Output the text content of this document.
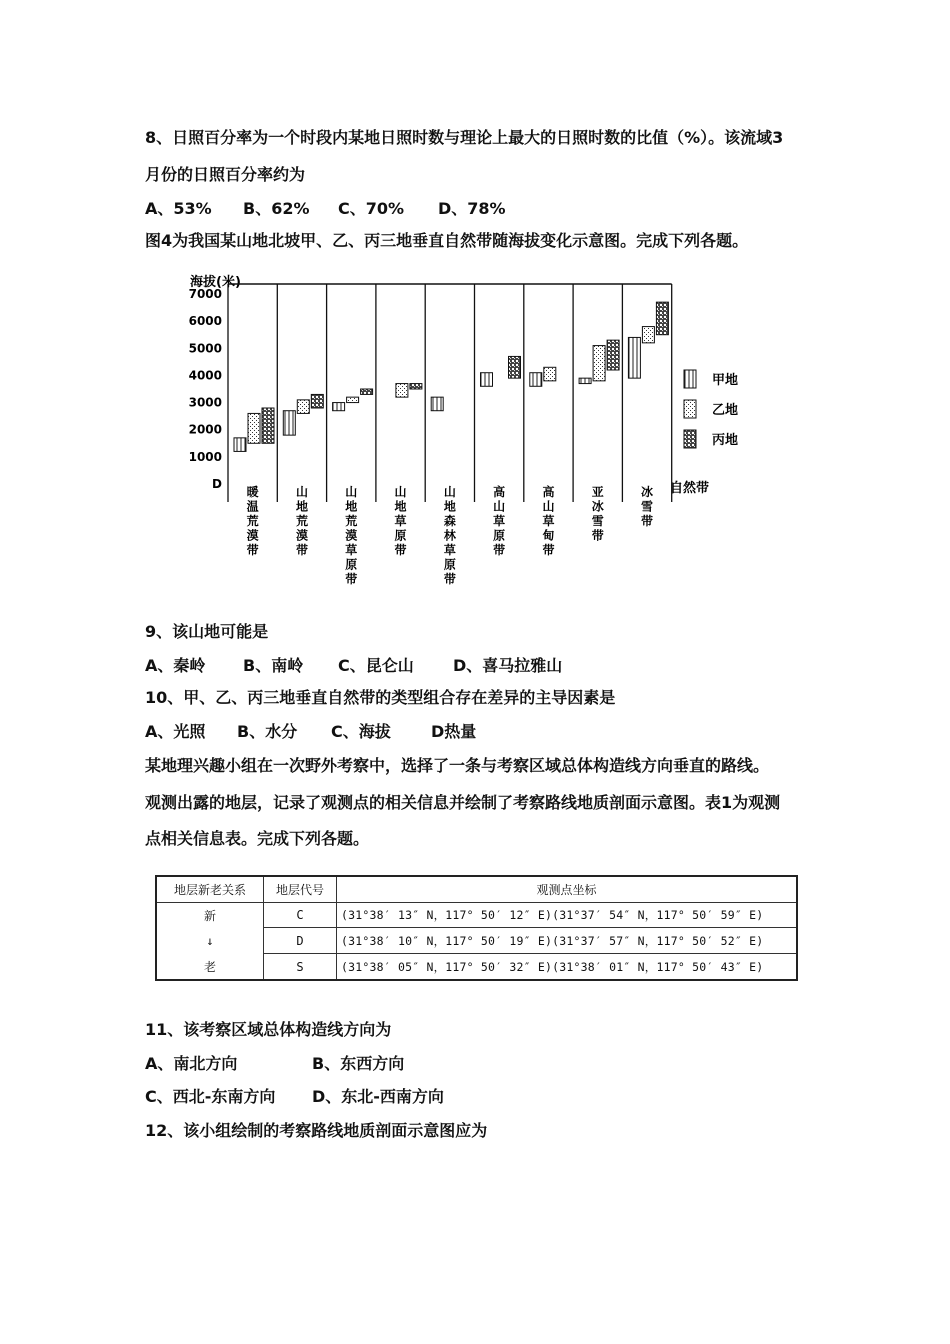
8、日照百分率为一个时段内某地日照时数与理论上最大的日照时数的比值（%）。该流域3
月份的日照百分率约为
A、53% B、62% C、70% D、78%
图4为我国某山地北坡甲、乙、丙三地垂直自然带随海拔变化示意图。完成下列各题。
海拔(米)
7000
6000
5000
4000
3000
2000
1000
D
暖温荒漠带
山地荒漠带
山地荒漠草原带
山地草原带
山地森林草原带
高山草原带
高山草甸带
亚冰雪带
冰雪带
甲地
乙地
丙地
自然带
9、该山地可能是
A、秦岭 B、南岭 C、昆仑山 D、喜马拉雅山
10、甲、乙、丙三地垂直自然带的类型组合存在差异的主导因素是
A、光照 B、水分 C、海拔	D热量
某地理兴趣小组在一次野外考察中，选择了一条与考察区域总体构造线方向垂直的路线。
观测出露的地层，记录了观测点的相关信息并绘制了考察路线地质剖面示意图。表1为观测
点相关信息表。完成下列各题。
地层新老关系	地层代号	观测点坐标
新	C	(31°38′ 13″ N，117° 50′ 12″ E)(31°37′ 54″ N，117° 50′ 59″ E)
↓	D	(31°38′ 10″ N，117° 50′ 19″ E)(31°37′ 57″ N，117° 50′ 52″ E)
老	S	(31°38′ 05″ N，117° 50′ 32″ E)(31°38′ 01″ N，117° 50′ 43″ E)
11、该考察区域总体构造线方向为
A、南北方向	B、东西方向
C、西北-东南方向 D、东北-西南方向
12、该小组绘制的考察路线地质剖面示意图应为
